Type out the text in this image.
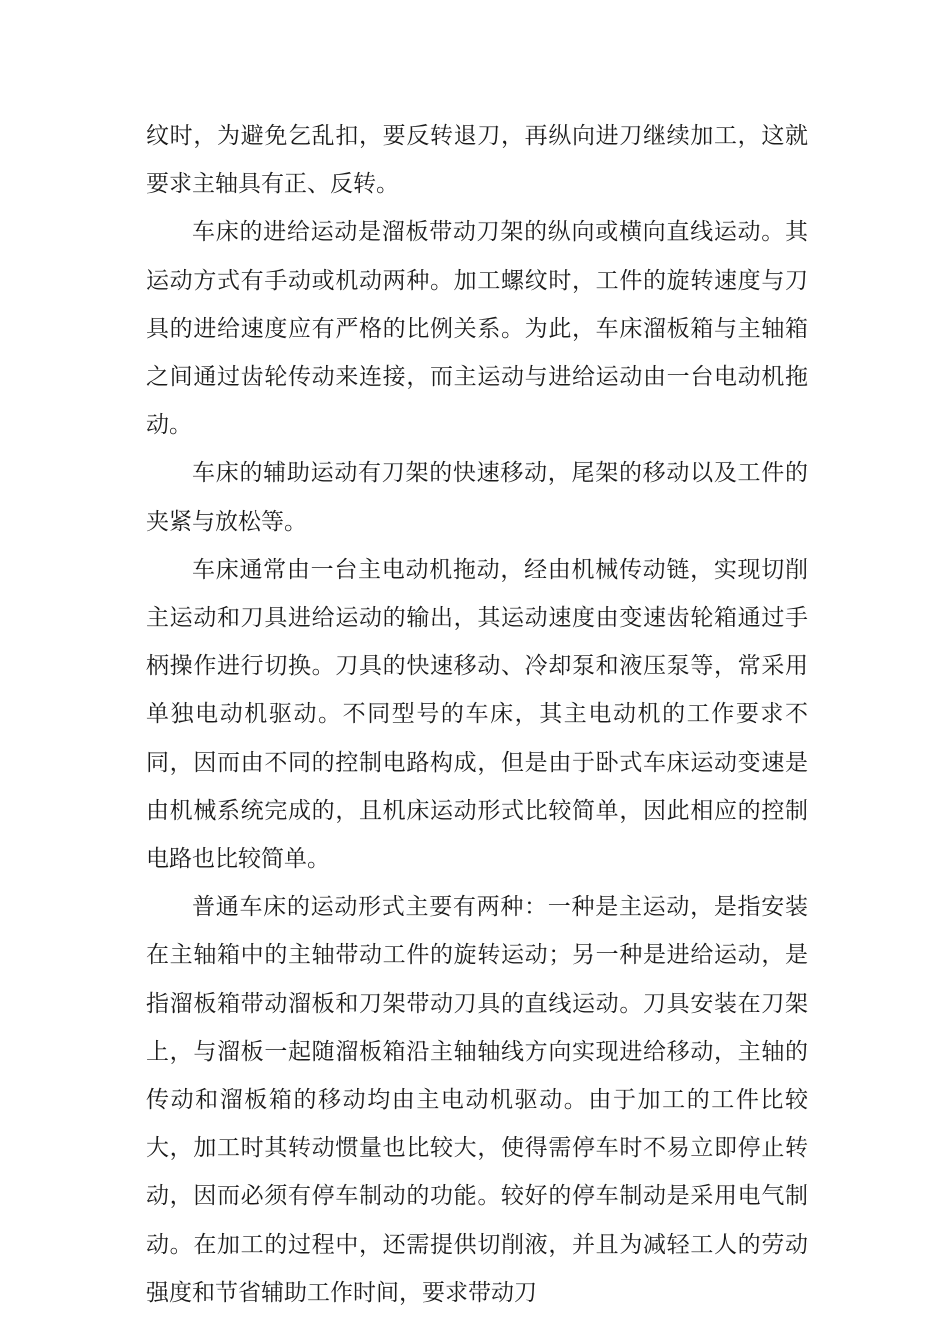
纹时，为避免乞乱扣，要反转退刀，再纵向进刀继续加工，这就要求主轴具有正、反转。

车床的进给运动是溜板带动刀架的纵向或横向直线运动。其运动方式有手动或机动两种。加工螺纹时，工件的旋转速度与刀具的进给速度应有严格的比例关系。为此，车床溜板箱与主轴箱之间通过齿轮传动来连接，而主运动与进给运动由一台电动机拖动。

车床的辅助运动有刀架的快速移动，尾架的移动以及工件的夹紧与放松等。

车床通常由一台主电动机拖动，经由机械传动链，实现切削主运动和刀具进给运动的输出，其运动速度由变速齿轮箱通过手柄操作进行切换。刀具的快速移动、冷却泵和液压泵等，常采用单独电动机驱动。不同型号的车床，其主电动机的工作要求不同，因而由不同的控制电路构成，但是由于卧式车床运动变速是由机械系统完成的，且机床运动形式比较简单，因此相应的控制电路也比较简单。

普通车床的运动形式主要有两种：一种是主运动，是指安装在主轴箱中的主轴带动工件的旋转运动；另一种是进给运动，是指溜板箱带动溜板和刀架带动刀具的直线运动。刀具安装在刀架上，与溜板一起随溜板箱沿主轴轴线方向实现进给移动，主轴的传动和溜板箱的移动均由主电动机驱动。由于加工的工件比较大，加工时其转动惯量也比较大，使得需停车时不易立即停止转动，因而必须有停车制动的功能。较好的停车制动是采用电气制动。在加工的过程中，还需提供切削液，并且为减轻工人的劳动强度和节省辅助工作时间，要求带动刀
